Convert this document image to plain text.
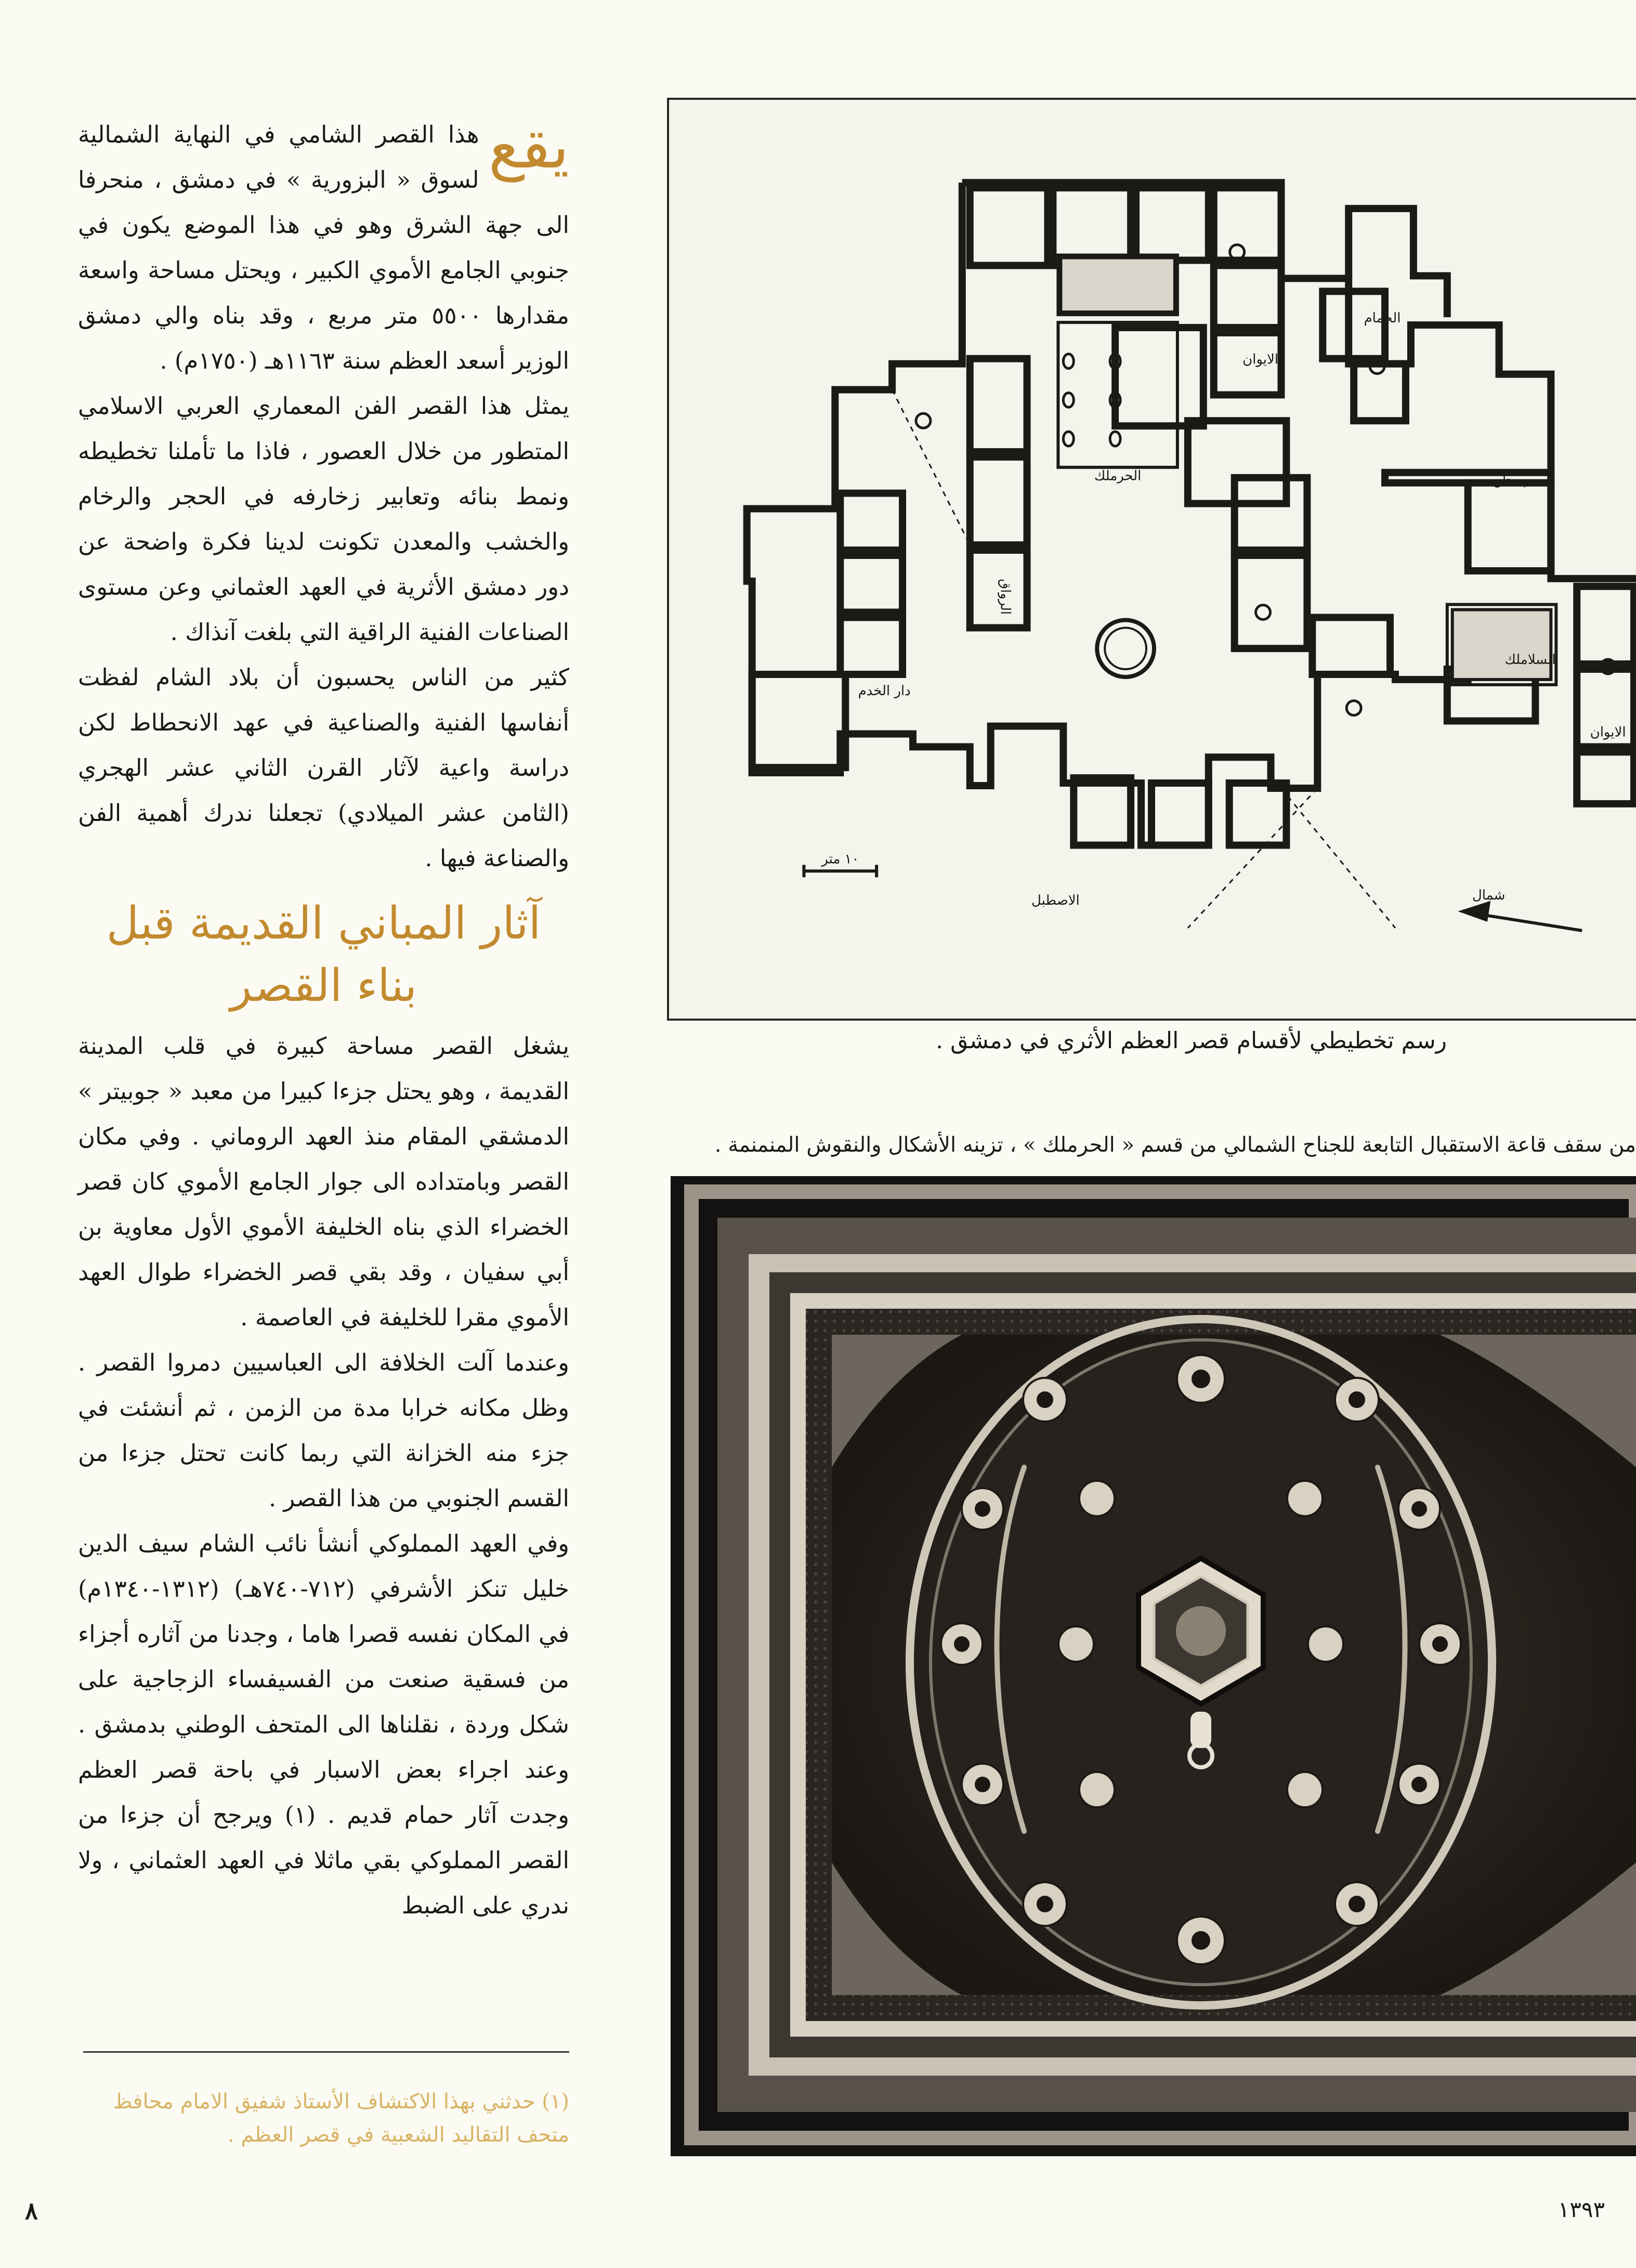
يقع
هذا القصر الشامي في النهاية الشمالية لسوق « البزورية » في دمشق ، منحرفا الى جهة الشرق وهو في هذا الموضع يكون في جنوبي الجامع الأموي الكبير ، ويحتل مساحة واسعة مقدارها ٥٥٠٠ متر مربع ، وقد بناه والي دمشق الوزير أسعد العظم سنة ١١٦٣هـ (١٧٥٠م) .

يمثل هذا القصر الفن المعماري العربي الاسلامي المتطور من خلال العصور ، فاذا ما تأملنا تخطيطه ونمط بنائه وتعابير زخارفه في الحجر والرخام والخشب والمعدن تكونت لدينا فكرة واضحة عن دور دمشق الأثرية في العهد العثماني وعن مستوى الصناعات الفنية الراقية التي بلغت آنذاك .

كثير من الناس يحسبون أن بلاد الشام لفظت أنفاسها الفنية والصناعية في عهد الانحطاط لكن دراسة واعية لآثار القرن الثاني عشر الهجري (الثامن عشر الميلادي) تجعلنا ندرك أهمية الفن والصناعة فيها .

آثار المباني القديمة قبل بناء القصر

يشغل القصر مساحة كبيرة في قلب المدينة القديمة ، وهو يحتل جزءا كبيرا من معبد « جوبيتر » الدمشقي المقام منذ العهد الروماني . وفي مكان القصر وبامتداده الى جوار الجامع الأموي كان قصر الخضراء الذي بناه الخليفة الأموي الأول معاوية بن أبي سفيان ، وقد بقي قصر الخضراء طوال العهد الأموي مقرا للخليفة في العاصمة .

وعندما آلت الخلافة الى العباسيين دمروا القصر . وظل مكانه خرابا مدة من الزمن ، ثم أنشئت في جزء منه الخزانة التي ربما كانت تحتل جزءا من القسم الجنوبي من هذا القصر .

وفي العهد المملوكي أنشأ نائب الشام سيف الدين خليل تنكز الأشرفي (٧١٢-٧٤٠هـ) (١٣١٢-١٣٤٠م) في المكان نفسه قصرا هاما ، وجدنا من آثاره أجزاء من فسقية صنعت من الفسيفساء الزجاجية على شكل وردة ، نقلناها الى المتحف الوطني بدمشق . وعند اجراء بعض الاسبار في باحة قصر العظم وجدت آثار حمام قديم . (١) ويرجح أن جزءا من القصر المملوكي بقي ماثلا في العهد العثماني ، ولا ندري على الضبط

(١) حدثني بهذا الاكتشاف الأستاذ شفيق الامام محافظ متحف التقاليد الشعبية في قصر العظم .
الحرملك
الايوان
الحمام
بستان
السلاملك
الايوان
دار الخدم
الرواق
الاصطبل	شمال
١٠ متر
رسم تخطيطي لأقسام قصر العظم الأثري في دمشق .
من سقف قاعة الاستقبال التابعة للجناح الشمالي من قسم « الحرملك » ، تزينه الأشكال والنقوش المنمنمة .
٨	١٣٩٣
